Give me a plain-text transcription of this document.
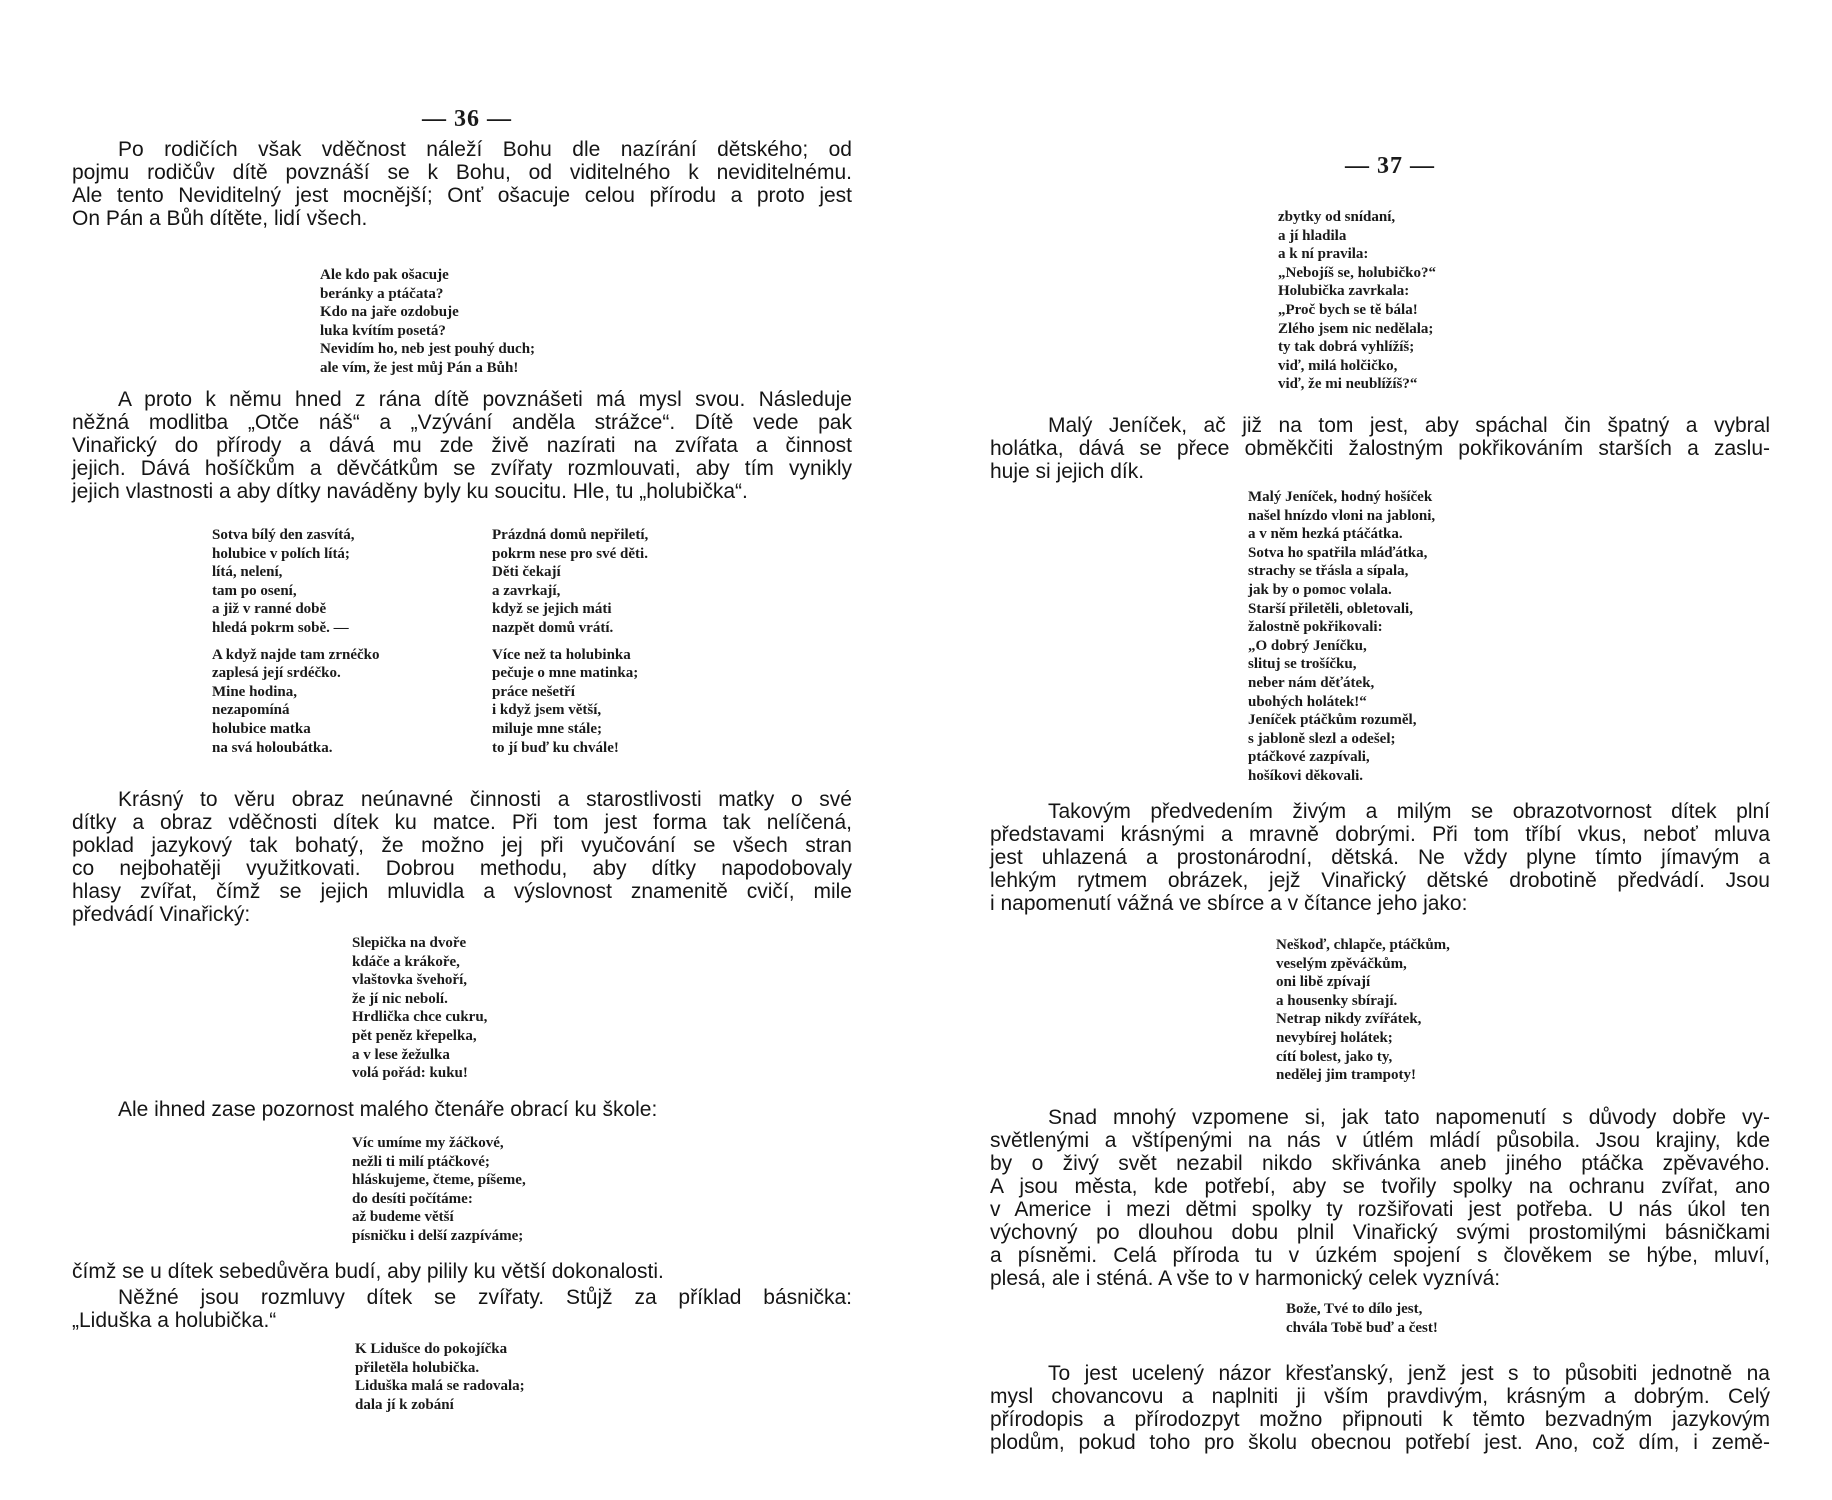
— 36 —
Po rodičích však vděčnost náleží Bohu dle nazírání dětského; od
pojmu rodičův dítě povznáší se k Bohu, od viditelného k neviditelnému.
Ale tento Neviditelný jest mocnější; Onť ošacuje celou přírodu a proto jest
On Pán a Bůh dítěte, lidí všech.
Ale kdo pak ošacuje
beránky a ptáčata?
Kdo na jaře ozdobuje
luka kvítím posetá?
Nevidím ho, neb jest pouhý duch;
ale vím, že jest můj Pán a Bůh!
A proto k němu hned z rána dítě povznášeti má mysl svou. Následuje
něžná modlitba „Otče náš“ a „Vzývání anděla strážce“. Dítě vede pak
Vinařický do přírody a dává mu zde živě nazírati na zvířata a činnost
jejich. Dává hošíčkům a děvčátkům se zvířaty rozmlouvati, aby tím vynikly
jejich vlastnosti a aby dítky naváděny byly ku soucitu. Hle, tu „holubička“.
Sotva bílý den zasvítá,
holubice v polích lítá;
lítá, nelení,
tam po osení,
a již v ranné době
hledá pokrm sobě. —
A když najde tam zrnéčko
zaplesá její srdéčko.
Mine hodina,
nezapomíná
holubice matka
na svá holoubátka.
Prázdná domů nepřiletí,
pokrm nese pro své děti.
Děti čekají
a zavrkají,
když se jejich máti
nazpět domů vrátí.
Více než ta holubinka
pečuje o mne matinka;
práce nešetří
i když jsem větší,
miluje mne stále;
to jí buď ku chvále!
Krásný to věru obraz neúnavné činnosti a starostlivosti matky o své
dítky a obraz vděčnosti dítek ku matce. Při tom jest forma tak nelíčená,
poklad jazykový tak bohatý, že možno jej při vyučování se všech stran
co nejbohatěji využitkovati. Dobrou methodu, aby dítky napodobovaly
hlasy zvířat, čímž se jejich mluvidla a výslovnost znamenitě cvičí, mile
předvádí Vinařický:
Slepička na dvoře
kdáče a krákoře,
vlaštovka švehoří,
že jí nic nebolí.
Hrdlička chce cukru,
pět peněz křepelka,
a v lese žežulka
volá pořád: kuku!
Ale ihned zase pozornost malého čtenáře obrací ku škole:
Víc umíme my žáčkové,
nežli ti milí ptáčkové;
hláskujeme, čteme, píšeme,
do desíti počítáme:
až budeme větší
písničku i delší zazpíváme;
čímž se u dítek sebedůvěra budí, aby pilily ku větší dokonalosti.
Něžné jsou rozmluvy dítek se zvířaty. Stůjž za příklad básnička:
„Liduška a holubička.“
K Lidušce do pokojíčka
přiletěla holubička.
Liduška malá se radovala;
dala jí k zobání
— 37 —
zbytky od snídaní,
a jí hladila
a k ní pravila:
„Nebojíš se, holubičko?“
Holubička zavrkala:
„Proč bych se tě bála!
Zlého jsem nic nedělala;
ty tak dobrá vyhlížíš;
viď, milá holčičko,
viď, že mi neublížíš?“
Malý Jeníček, ač již na tom jest, aby spáchal čin špatný a vybral
holátka, dává se přece obměkčiti žalostným pokřikováním starších a zaslu-
huje si jejich dík.
Malý Jeníček, hodný hošíček
našel hnízdo vloni na jabloni,
a v něm hezká ptáčátka.
Sotva ho spatřila mláďátka,
strachy se třásla a sípala,
jak by o pomoc volala.
Starší přiletěli, obletovali,
žalostně pokřikovali:
„O dobrý Jeníčku,
slituj se trošíčku,
neber nám děťátek,
ubohých holátek!“
Jeníček ptáčkům rozuměl,
s jabloně slezl a odešel;
ptáčkové zazpívali,
hošíkovi děkovali.
Takovým předvedením živým a milým se obrazotvornost dítek plní
představami krásnými a mravně dobrými. Při tom tříbí vkus, neboť mluva
jest uhlazená a prostonárodní, dětská. Ne vždy plyne tímto jímavým a
lehkým rytmem obrázek, jejž Vinařický dětské drobotině předvádí. Jsou
i napomenutí vážná ve sbírce a v čítance jeho jako:
Neškoď, chlapče, ptáčkům,
veselým zpěváčkům,
oni libě zpívají
a housenky sbírají.
Netrap nikdy zvířátek,
nevybírej holátek;
cítí bolest, jako ty,
nedělej jim trampoty!
Snad mnohý vzpomene si, jak tato napomenutí s důvody dobře vy-
světlenými a vštípenými na nás v útlém mládí působila. Jsou krajiny, kde
by o živý svět nezabil nikdo skřivánka aneb jiného ptáčka zpěvavého.
A jsou města, kde potřebí, aby se tvořily spolky na ochranu zvířat, ano
v Americe i mezi dětmi spolky ty rozšiřovati jest potřeba. U nás úkol ten
výchovný po dlouhou dobu plnil Vinařický svými prostomilými básničkami
a písněmi. Celá příroda tu v úzkém spojení s člověkem se hýbe, mluví,
plesá, ale i sténá. A vše to v harmonický celek vyznívá:
Bože, Tvé to dílo jest,
chvála Tobě buď a čest!
To jest ucelený názor křesťanský, jenž jest s to působiti jednotně na
mysl chovancovu a naplniti ji vším pravdivým, krásným a dobrým. Celý
přírodopis a přírodozpyt možno připnouti k těmto bezvadným jazykovým
plodům, pokud toho pro školu obecnou potřebí jest. Ano, což dím, i země-
